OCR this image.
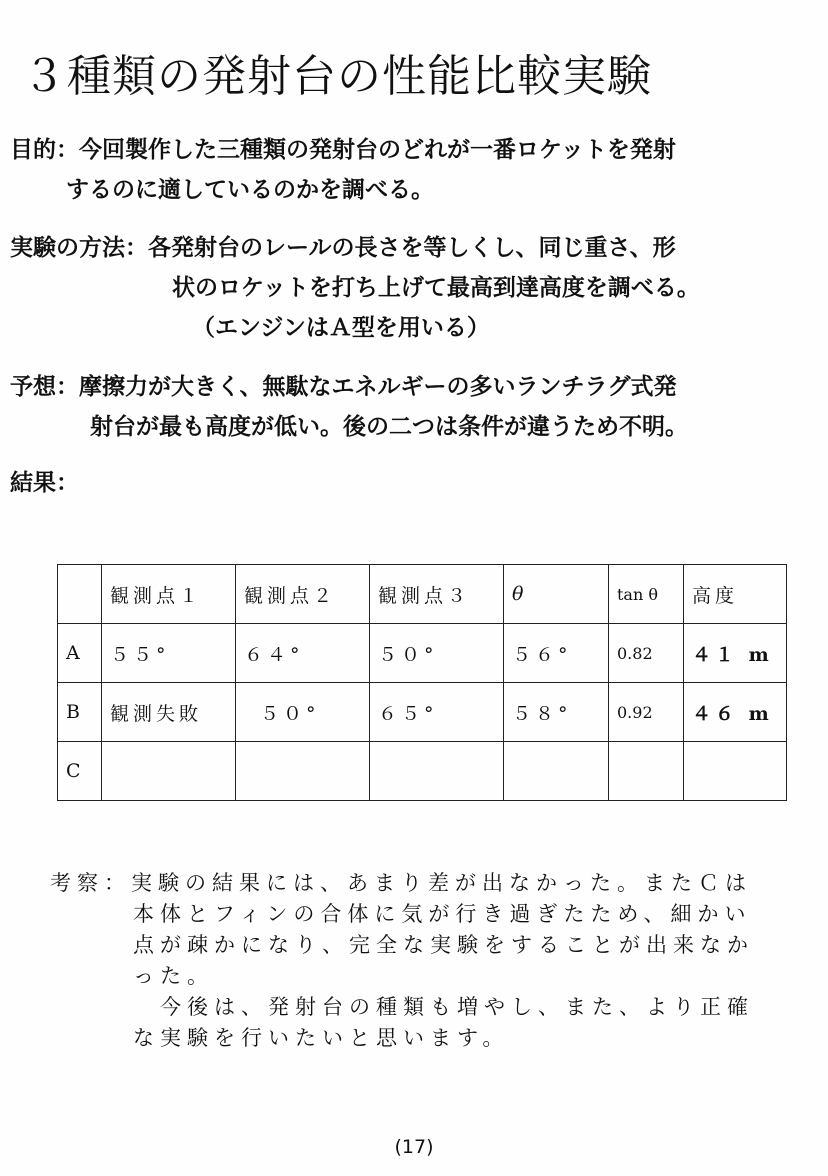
３種類の発射台の性能比較実験

目的：今回製作した三種類の発射台のどれが一番ロケットを発射
するのに適しているのかを調べる。

実験の方法：各発射台のレールの長さを等しくし、同じ重さ、形
状のロケットを打ち上げて最高到達高度を調べる。
（エンジンはＡ型を用いる）

予想：摩擦力が大きく、無駄なエネルギーの多いランチラグ式発
射台が最も高度が低い。後の二つは条件が違うため不明。

結果：

	観測点１	観測点２	観測点３	θ	tan θ	高度
A	５５°	６４°	５０°	５６°	0.82	４１ m
B	観測失敗	５０°	６５°	５８°	0.92	４６ m
C						

考察：実験の結果には、あまり差が出なかった。またＣは
本体とフィンの合体に気が行き過ぎたため、細かい
点が疎かになり、完全な実験をすることが出来なか
った。
　今後は、発射台の種類も増やし、また、より正確
な実験を行いたいと思います。

(17)
